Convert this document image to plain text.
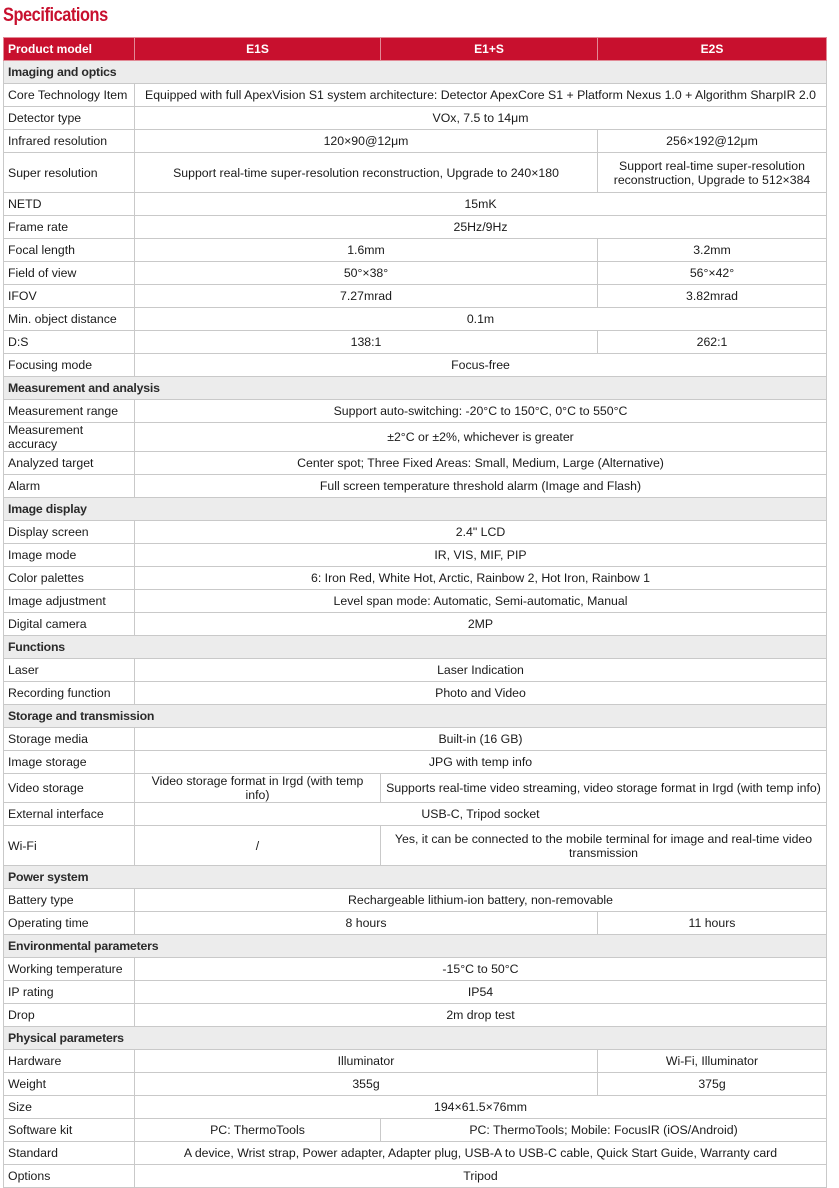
Specifications
Product model	E1S	E1+S	E2S
Imaging and optics			
Core Technology Item	Equipped with full ApexVision S1 system architecture: Detector ApexCore S1 + Platform Nexus 1.0 + Algorithm SharpIR 2.0		
Detector type	VOx, 7.5 to 14μm		
Infrared resolution	120×90@12μm		256×192@12μm
Super resolution	Support real-time super-resolution reconstruction, Upgrade to 240×180		Support real-time super-resolution reconstruction, Upgrade to 512×384
NETD	15mK		
Frame rate	25Hz/9Hz		
Focal length	1.6mm		3.2mm
Field of view	50°×38°		56°×42°
IFOV	7.27mrad		3.82mrad
Min. object distance	0.1m		
D:S	138:1		262:1
Focusing mode	Focus-free		
Measurement and analysis			
Measurement range	Support auto-switching: -20°C to 150°C, 0°C to 550°C		
Measurement accuracy	±2°C or ±2%, whichever is greater		
Analyzed target	Center spot; Three Fixed Areas: Small, Medium, Large (Alternative)		
Alarm	Full screen temperature threshold alarm (Image and Flash)		
Image display			
Display screen	2.4" LCD		
Image mode	IR, VIS, MIF, PIP		
Color palettes	6: Iron Red, White Hot, Arctic, Rainbow 2, Hot Iron, Rainbow 1		
Image adjustment	Level span mode: Automatic, Semi-automatic, Manual		
Digital camera	2MP		
Functions			
Laser	Laser Indication		
Recording function	Photo and Video		
Storage and transmission			
Storage media	Built-in (16 GB)		
Image storage	JPG with temp info		
Video storage	Video storage format in Irgd (with temp info)	Supports real-time video streaming, video storage format in Irgd (with temp info)	
External interface	USB-C, Tripod socket		
Wi-Fi	/	Yes, it can be connected to the mobile terminal for image and real-time video transmission	
Power system			
Battery type	Rechargeable lithium-ion battery, non-removable		
Operating time	8 hours		11 hours
Environmental parameters			
Working temperature	-15°C to 50°C		
IP rating	IP54		
Drop	2m drop test		
Physical parameters			
Hardware	Illuminator		Wi-Fi, Illuminator
Weight	355g		375g
Size	194×61.5×76mm		
Software kit	PC: ThermoTools	PC: ThermoTools; Mobile: FocusIR (iOS/Android)	
Standard	A device, Wrist strap, Power adapter, Adapter plug, USB-A to USB-C cable, Quick Start Guide, Warranty card		
Options	Tripod		
